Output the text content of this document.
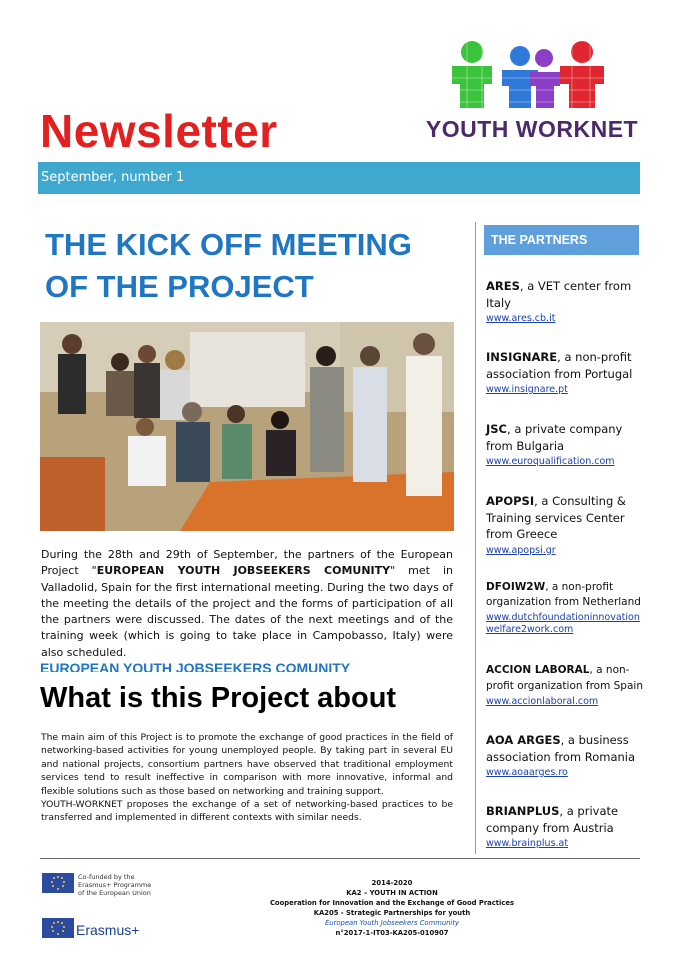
Newsletter	YOUTH WORKNET
September, number 1
THE KICK OFF MEETING
OF THE PROJECT
During the 28th and 29th of September, the partners of the European Project "EUROPEAN YOUTH JOBSEEKERS COMUNITY" met in Valladolid, Spain for the first international meeting. During the two days of the meeting the details of the project and the forms of participation of all the partners were discussed. The dates of the next meetings and of the training week (which is going to take place in Campobasso, Italy) were also scheduled.
EUROPEAN YOUTH JOBSEEKERS COMUNITY
What is this Project about

The main aim of this Project is to promote the exchange of good practices in the field of networking-based activities for young unemployed people. By taking part in several EU and national projects, consortium partners have observed that traditional employment services tend to result ineffective in comparison with more innovative, informal and flexible solutions such as those based on networking and training support.

YOUTH-WORKNET proposes the exchange of a set of networking-based practices to be transferred and implemented in different contexts with similar needs.

THE PARTNERS
ARES, a VET center from Italy
www.ares.cb.it
INSIGNARE, a non-profit association from Portugal
www.insignare.pt
JSC, a private company from Bulgaria
www.euroqualification.com
APOPSI, a Consulting & Training services Center from Greece
www.apopsi.gr
DFOIW2W, a non-profit organization from Netherland
www.dutchfoundationinnovation welfare2work.com
ACCION LABORAL, a non-profit organization from Spain
www.accionlaboral.com
AOA ARGES, a business association from Romania
www.aoaarges.ro
BRIANPLUS, a private company from Austria
www.brainplus.at
Co-funded by the
Erasmus+ Programme
of the European Union
Erasmus+
2014-2020
KA2 – YOUTH IN ACTION
Cooperation for Innovation and the Exchange of Good Practices
KA205 - Strategic Partnerships for youth
European Youth Jobseekers Community
n°2017-1-IT03-KA205-010907
